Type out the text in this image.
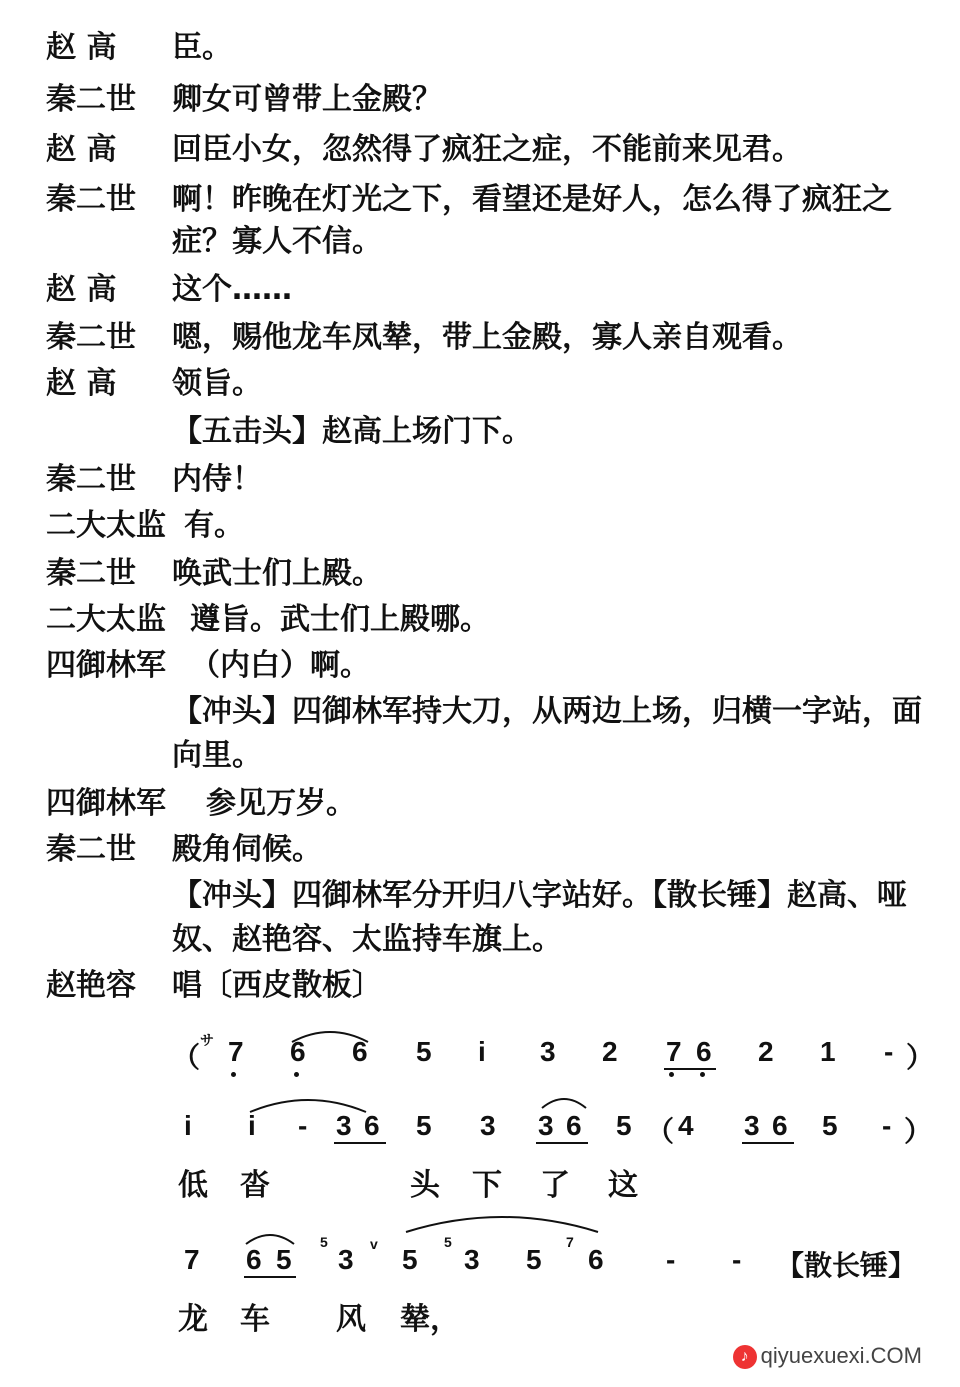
赵 高 臣。
秦二世 卿女可曾带上金殿？
赵 高 回臣小女，忽然得了疯狂之症，不能前来见君。
秦二世 啊！昨晚在灯光之下，看望还是好人，怎么得了疯狂之
症？寡人不信。
赵 高 这个……
秦二世 嗯，赐他龙车凤辇，带上金殿，寡人亲自观看。
赵 高 领旨。
【五击头】赵高上场门下。
秦二世 内侍！
二大太监 有。
秦二世 唤武士们上殿。
二大太监 遵旨。武士们上殿哪。
四御林军 （内白）啊。
【冲头】四御林军持大刀，从两边上场，归横一字站，面
向里。
四御林军 参见万岁。
秦二世 殿角伺候。
【冲头】四御林军分开归八字站好。【散长锤】赵高、哑
奴、赵艳容、太监持车旗上。
赵艳容 唱〔西皮散板〕
（
サ 7 6 6 5 i 3 2 7 6 2 1 - ）
i i - 3 6 5 3 3 6 5 （ 4 3 6 5 - ）
低 沓	头 下 了 这
7 6 5 3 v 5 3 5 6 - - 【散长锤】
5	5	7
龙 车 风 辇，
♪ qiyuexuexi.COM
